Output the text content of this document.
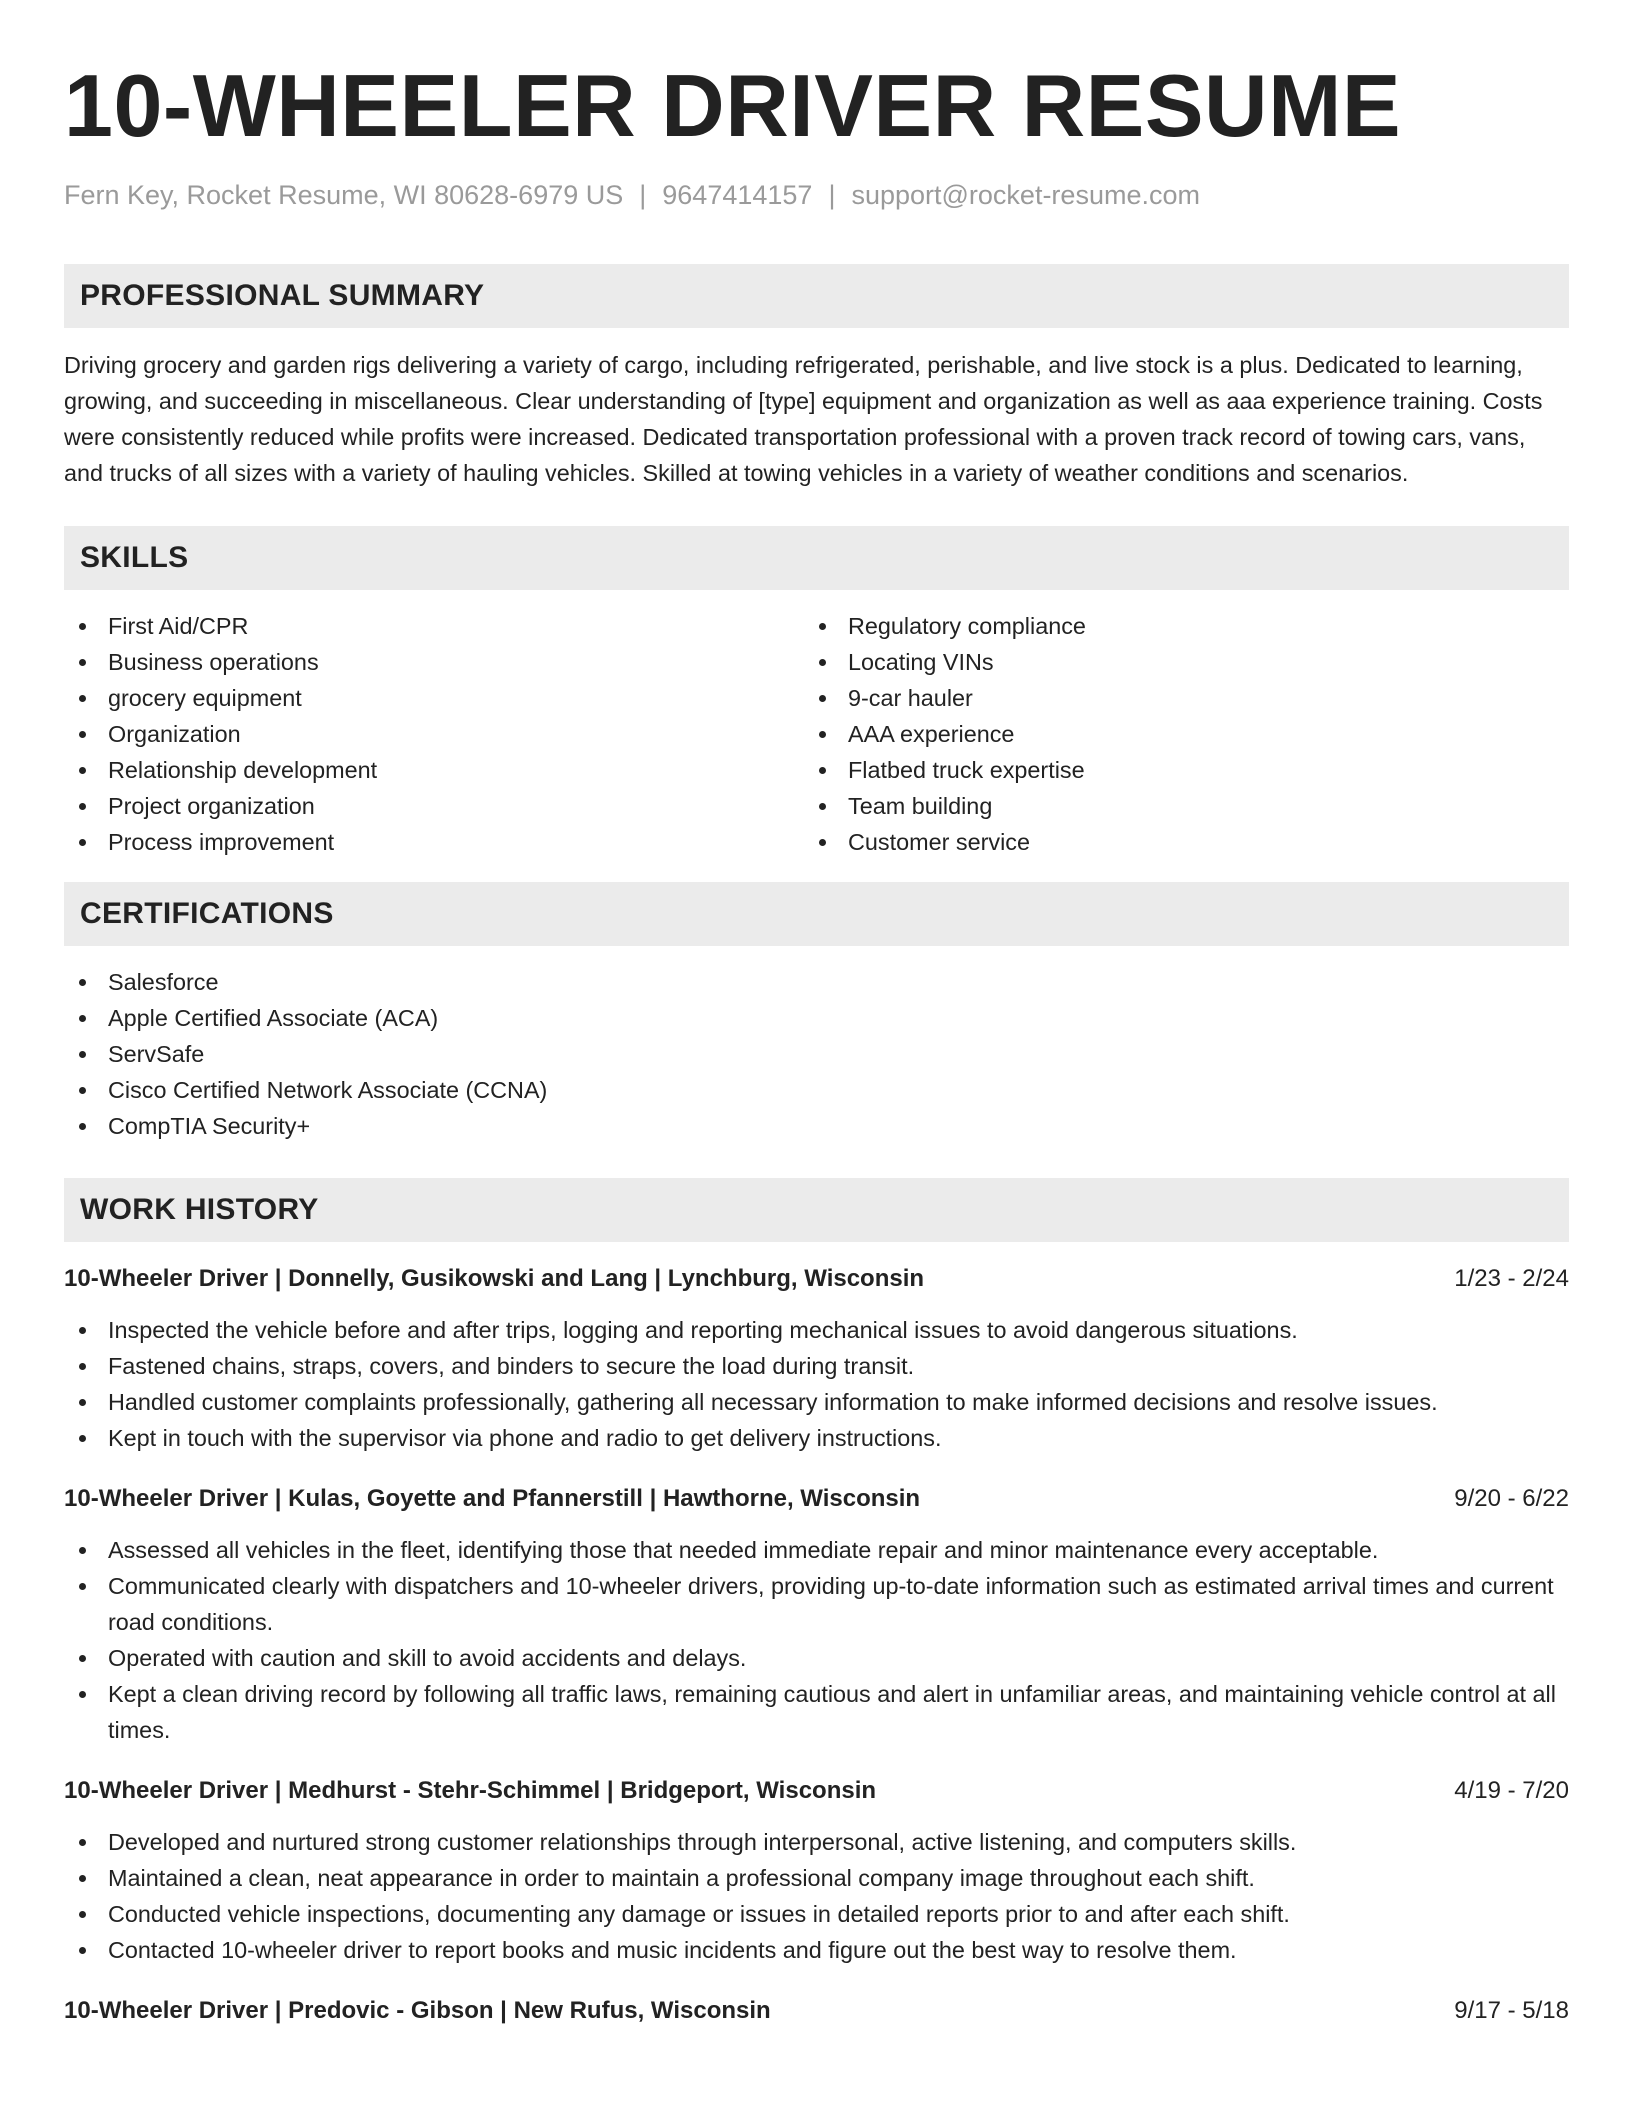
10-WHEELER DRIVER RESUME
Fern Key, Rocket Resume, WI 80628-6979 US | 9647414157 | support@rocket-resume.com
PROFESSIONAL SUMMARY

Driving grocery and garden rigs delivering a variety of cargo, including refrigerated, perishable, and live stock is a plus. Dedicated to learning, growing, and succeeding in miscellaneous. Clear understanding of [type] equipment and organization as well as aaa experience training. Costs were consistently reduced while profits were increased. Dedicated transportation professional with a proven track record of towing cars, vans, and trucks of all sizes with a variety of hauling vehicles. Skilled at towing vehicles in a variety of weather conditions and scenarios.

SKILLS
First Aid/CPR
Business operations
grocery equipment
Organization
Relationship development
Project organization
Process improvement
Regulatory compliance
Locating VINs
9-car hauler
AAA experience
Flatbed truck expertise
Team building
Customer service
CERTIFICATIONS
Salesforce
Apple Certified Associate (ACA)
ServSafe
Cisco Certified Network Associate (CCNA)
CompTIA Security+
WORK HISTORY
10-Wheeler Driver | Donnelly, Gusikowski and Lang | Lynchburg, Wisconsin	1/23 - 2/24
Inspected the vehicle before and after trips, logging and reporting mechanical issues to avoid dangerous situations.
Fastened chains, straps, covers, and binders to secure the load during transit.
Handled customer complaints professionally, gathering all necessary information to make informed decisions and resolve issues.
Kept in touch with the supervisor via phone and radio to get delivery instructions.
10-Wheeler Driver | Kulas, Goyette and Pfannerstill | Hawthorne, Wisconsin	9/20 - 6/22
Assessed all vehicles in the fleet, identifying those that needed immediate repair and minor maintenance every acceptable.
Communicated clearly with dispatchers and 10-wheeler drivers, providing up-to-date information such as estimated arrival times and current road conditions.
Operated with caution and skill to avoid accidents and delays.
Kept a clean driving record by following all traffic laws, remaining cautious and alert in unfamiliar areas, and maintaining vehicle control at all times.
10-Wheeler Driver | Medhurst - Stehr-Schimmel | Bridgeport, Wisconsin	4/19 - 7/20
Developed and nurtured strong customer relationships through interpersonal, active listening, and computers skills.
Maintained a clean, neat appearance in order to maintain a professional company image throughout each shift.
Conducted vehicle inspections, documenting any damage or issues in detailed reports prior to and after each shift.
Contacted 10-wheeler driver to report books and music incidents and figure out the best way to resolve them.
10-Wheeler Driver | Predovic - Gibson | New Rufus, Wisconsin	9/17 - 5/18
